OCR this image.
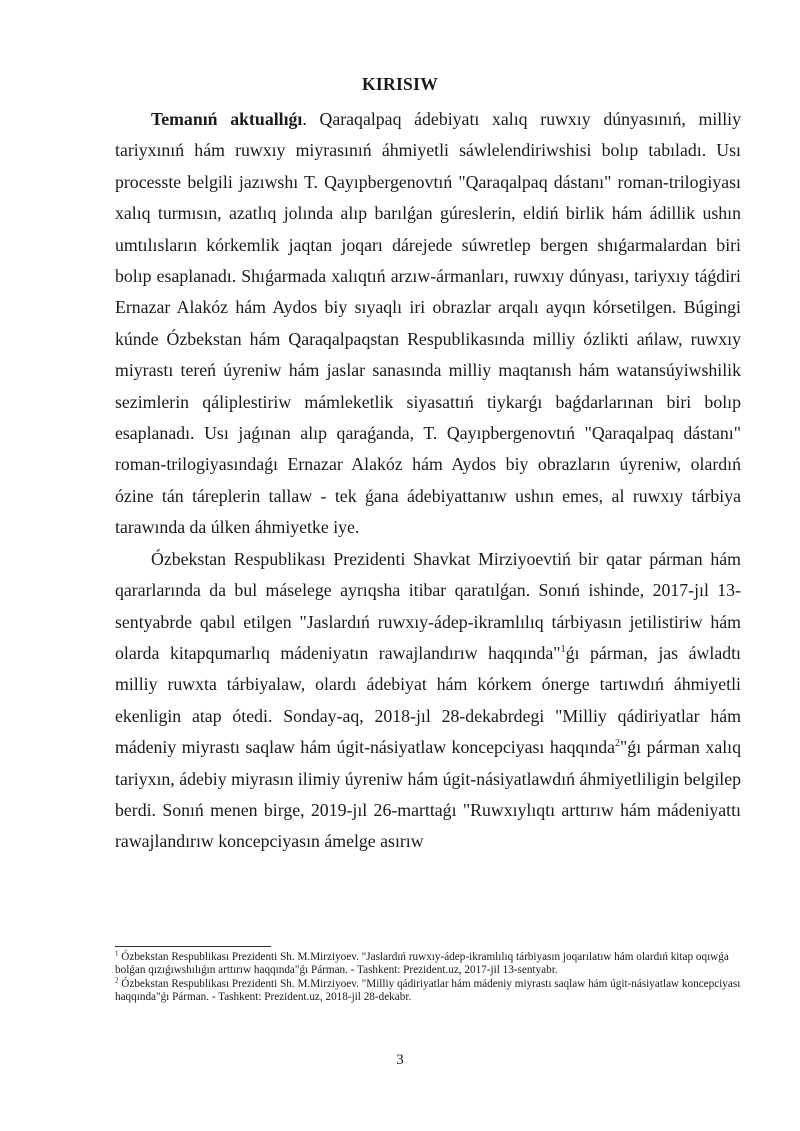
KIRISIW

Temanıń aktuallıǵı. Qaraqalpaq ádebiyatı xalıq ruwxıy dúnyasınıń, milliy tariyxınıń hám ruwxıy miyrasınıń áhmiyetli sáwlelendiriwshisi bolıp tabıladı. Usı processte belgili jazıwshı T. Qayıpbergenovtıń "Qaraqalpaq dástanı" roman-trilogiyası xalıq turmısın, azatlıq jolında alıp barılǵan gúreslerin, eldiń birlik hám ádillik ushın umtılısların kórkemlik jaqtan joqarı dárejede súwretlep bergen shıǵarmalardan biri bolıp esaplanadı. Shıǵarmada xalıqtıń arzıw-ármanları, ruwxıy dúnyası, tariyxıy táǵdiri Ernazar Alakóz hám Aydos biy sıyaqlı iri obrazlar arqalı ayqın kórsetilgen. Búgingi kúnde Ózbekstan hám Qaraqalpaqstan Respublikasında milliy ózlikti ańlaw, ruwxıy miyrastı tereń úyreniw hám jaslar sanasında milliy maqtanısh hám watansúyiwshilik sezimlerin qáliplestiriw mámleketlik siyasattıń tiykarǵı baǵdarlarınan biri bolıp esaplanadı. Usı jaǵınan alıp qaraǵanda, T. Qayıpbergenovtıń "Qaraqalpaq dástanı" roman-trilogiyasındaǵı Ernazar Alakóz hám Aydos biy obrazların úyreniw, olardıń ózine tán táreplerin tallaw - tek ǵana ádebiyattanıw ushın emes, al ruwxıy tárbiya tarawında da úlken áhmiyetke iye.

Ózbekstan Respublikası Prezidenti Shavkat Mirziyoevtiń bir qatar párman hám qararlarında da bul máselege ayrıqsha itibar qaratılǵan. Sonıń ishinde, 2017-jıl 13-sentyabrde qabıl etilgen "Jaslardıń ruwxıy-ádep-ikramlılıq tárbiyasın jetilistiriw hám olarda kitapqumarlıq mádeniyatın rawajlandırıw haqqında"$^1$ǵı párman, jas áwladtı milliy ruwxta tárbiyalaw, olardı ádebiyat hám kórkem ónerge tartıwdıń áhmiyetli ekenligin atap ótedi. Sonday-aq, 2018-jıl 28-dekabrdegi "Milliy qádiriyatlar hám mádeniy miyrastı saqlaw hám úgit-násiyatlaw koncepciyası haqqında$^2$"ǵı párman xalıq tariyxın, ádebiy miyrasın ilimiy úyreniw hám úgit-násiyatlawdıń áhmiyetliligin belgilep berdi. Sonıń menen birge, 2019-jıl 26-marttaǵı "Ruwxıylıqtı arttırıw hám mádeniyattı rawajlandırıw koncepciyasın ámelge asırıw

$^1$ Ózbekstan Respublikası Prezidenti Sh. M.Mirziyoev. "Jaslardıń ruwxıy-ádep-ikramlılıq tárbiyasın joqarılatıw hám olardıń kitap oqıwǵa bolǵan qızıǵıwshılıǵın arttırıw haqqında"ǵı Párman. - Tashkent: Prezident.uz, 2017-jil 13-sentyabr.

$^2$ Ózbekstan Respublikası Prezidenti Sh. M.Mirziyoev. "Milliy qádiriyatlar hám mádeniy miyrastı saqlaw hám úgit-násiyatlaw koncepciyası haqqında"ǵı Párman. - Tashkent: Prezident.uz, 2018-jil 28-dekabr.

3
